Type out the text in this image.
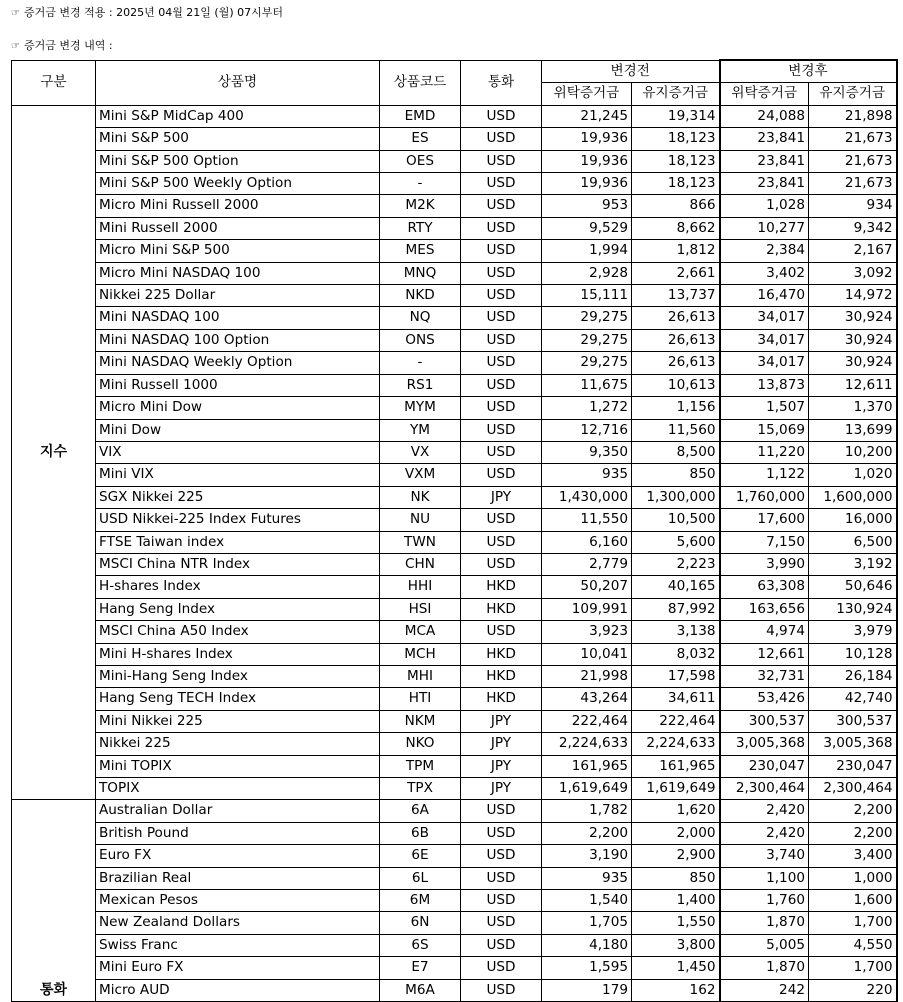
☞ 증거금 변경 적용 : 2025년 04월 21일 (월) 07시부터
☞ 증거금 변경 내역 :
구분	상품명	상품코드	통화	변경전		변경후	
				위탁증거금	유지증거금	위탁증거금	유지증거금
지수	Mini S&P MidCap 400	EMD	USD	21,245	19,314	24,088	21,898
	Mini S&P 500	ES	USD	19,936	18,123	23,841	21,673
	Mini S&P 500 Option	OES	USD	19,936	18,123	23,841	21,673
	Mini S&P 500 Weekly Option	-	USD	19,936	18,123	23,841	21,673
	Micro Mini Russell 2000	M2K	USD	953	866	1,028	934
	Mini Russell 2000	RTY	USD	9,529	8,662	10,277	9,342
	Micro Mini S&P 500	MES	USD	1,994	1,812	2,384	2,167
	Micro Mini NASDAQ 100	MNQ	USD	2,928	2,661	3,402	3,092
	Nikkei 225 Dollar	NKD	USD	15,111	13,737	16,470	14,972
	Mini NASDAQ 100	NQ	USD	29,275	26,613	34,017	30,924
	Mini NASDAQ 100 Option	ONS	USD	29,275	26,613	34,017	30,924
	Mini NASDAQ Weekly Option	-	USD	29,275	26,613	34,017	30,924
	Mini Russell 1000	RS1	USD	11,675	10,613	13,873	12,611
	Micro Mini Dow	MYM	USD	1,272	1,156	1,507	1,370
	Mini Dow	YM	USD	12,716	11,560	15,069	13,699
	VIX	VX	USD	9,350	8,500	11,220	10,200
	Mini VIX	VXM	USD	935	850	1,122	1,020
	SGX Nikkei 225	NK	JPY	1,430,000	1,300,000	1,760,000	1,600,000
	USD Nikkei-225 Index Futures	NU	USD	11,550	10,500	17,600	16,000
	FTSE Taiwan index	TWN	USD	6,160	5,600	7,150	6,500
	MSCI China NTR Index	CHN	USD	2,779	2,223	3,990	3,192
	H-shares Index	HHI	HKD	50,207	40,165	63,308	50,646
	Hang Seng Index	HSI	HKD	109,991	87,992	163,656	130,924
	MSCI China A50 Index	MCA	USD	3,923	3,138	4,974	3,979
	Mini H-shares Index	MCH	HKD	10,041	8,032	12,661	10,128
	Mini-Hang Seng Index	MHI	HKD	21,998	17,598	32,731	26,184
	Hang Seng TECH Index	HTI	HKD	43,264	34,611	53,426	42,740
	Mini Nikkei 225	NKM	JPY	222,464	222,464	300,537	300,537
	Nikkei 225	NKO	JPY	2,224,633	2,224,633	3,005,368	3,005,368
	Mini TOPIX	TPM	JPY	161,965	161,965	230,047	230,047
	TOPIX	TPX	JPY	1,619,649	1,619,649	2,300,464	2,300,464
통화	Australian Dollar	6A	USD	1,782	1,620	2,420	2,200
	British Pound	6B	USD	2,200	2,000	2,420	2,200
	Euro FX	6E	USD	3,190	2,900	3,740	3,400
	Brazilian Real	6L	USD	935	850	1,100	1,000
	Mexican Pesos	6M	USD	1,540	1,400	1,760	1,600
	New Zealand Dollars	6N	USD	1,705	1,550	1,870	1,700
	Swiss Franc	6S	USD	4,180	3,800	5,005	4,550
	Mini Euro FX	E7	USD	1,595	1,450	1,870	1,700
	Micro AUD	M6A	USD	179	162	242	220
